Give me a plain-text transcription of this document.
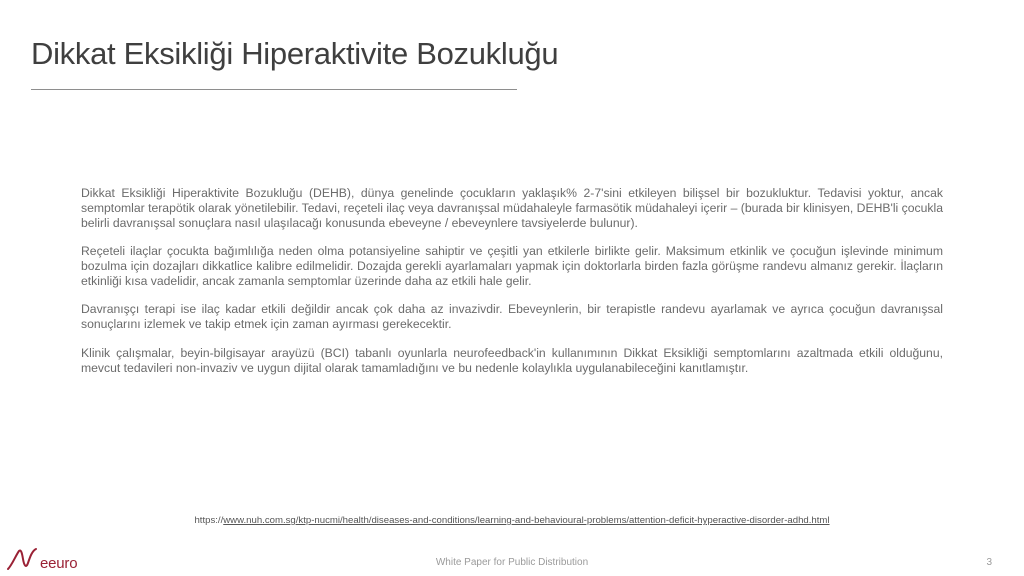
Dikkat Eksikliği Hiperaktivite Bozukluğu

Dikkat Eksikliği Hiperaktivite Bozukluğu (DEHB), dünya genelinde çocukların yaklaşık% 2-7'sini etkileyen bilişsel bir bozukluktur. Tedavisi yoktur, ancak semptomlar terapötik olarak yönetilebilir. Tedavi, reçeteli ilaç veya davranışsal müdahaleyle farmasötik müdahaleyi içerir – (burada bir klinisyen, DEHB'li çocukla belirli davranışsal sonuçlara nasıl ulaşılacağı konusunda ebeveyne / ebeveynlere tavsiyelerde bulunur).

Reçeteli ilaçlar çocukta bağımlılığa neden olma potansiyeline sahiptir ve çeşitli yan etkilerle birlikte gelir. Maksimum etkinlik ve çocuğun işlevinde minimum bozulma için dozajları dikkatlice kalibre edilmelidir. Dozajda gerekli ayarlamaları yapmak için doktorlarla birden fazla görüşme randevu almanız gerekir. İlaçların etkinliği kısa vadelidir, ancak zamanla semptomlar üzerinde daha az etkili hale gelir.

Davranışçı terapi ise ilaç kadar etkili değildir ancak çok daha az invazivdir. Ebeveynlerin, bir terapistle randevu ayarlamak ve ayrıca çocuğun davranışsal sonuçlarını izlemek ve takip etmek için zaman ayırması gerekecektir.

Klinik çalışmalar, beyin-bilgisayar arayüzü (BCI) tabanlı oyunlarla neurofeedback'in kullanımının Dikkat Eksikliği semptomlarını azaltmada etkili olduğunu, mevcut tedavileri non-invaziv ve uygun dijital olarak tamamladığını ve bu nedenle kolaylıkla uygulanabileceğini kanıtlamıştır.

https://www.nuh.com.sg/ktp-nucmi/health/diseases-and-conditions/learning-and-behavioural-problems/attention-deficit-hyperactive-disorder-adhd.html
eeuro	White Paper for Public Distribution	3
